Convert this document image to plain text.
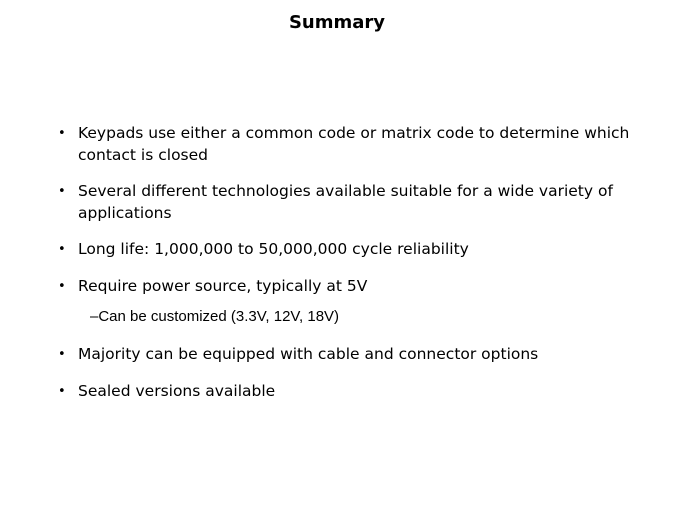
Summary
• Keypads use either a common code or matrix code to determine which contact is closed
• Several different technologies available suitable for a wide variety of applications
• Long life: 1,000,000 to 50,000,000 cycle reliability
• Require power source, typically at 5V
–Can be customized (3.3V, 12V, 18V)
• Majority can be equipped with cable and connector options
• Sealed versions available
